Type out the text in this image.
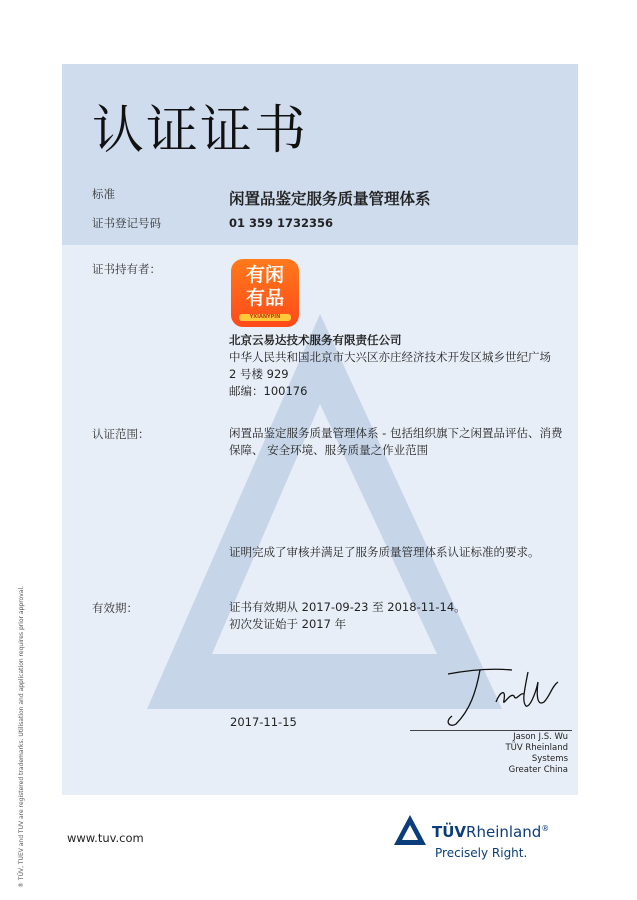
认证证书
标准	闲置品鉴定服务质量管理体系
证书登记号码	01 359 1732356
证书持有者：	有闲
有品
YXIANYPIN
北京云易达技术服务有限责任公司
中华人民共和国北京市大兴区亦庄经济技术开发区城乡世纪广场
2 号楼 929
邮编：100176
认证范围：	闲置品鉴定服务质量管理体系 - 包括组织旗下之闲置品评估、消费
保障、 安全环境、服务质量之作业范围
证明完成了审核并满足了服务质量管理体系认证标准的要求。
有效期：	证书有效期从 2017-09-23 至 2018-11-14。
初次发证始于 2017 年
2017-11-15
Jason J.S. Wu
TÜV Rheinland
Systems
Greater China
® TÜV, TUEV and TUV are registered trademarks. Utilisation and application requires prior approval.	www.tuv.com	TÜVRheinland®
Precisely Right.
